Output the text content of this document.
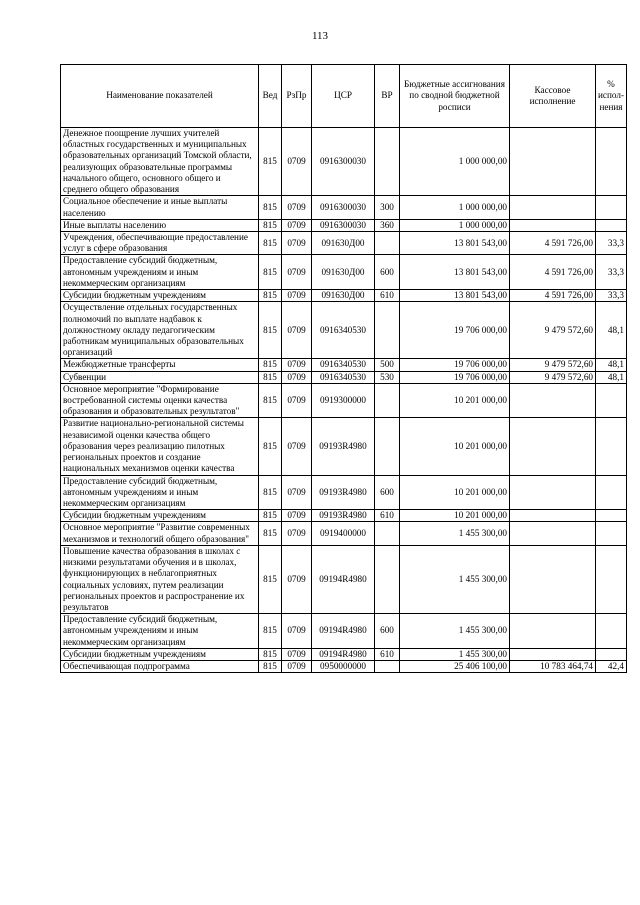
113
Наименование показателей	Вед	РзПр	ЦСР	ВР	Бюджетные ассигнования по сводной бюджетной росписи	Кассовое исполнение	% испол-нения
Денежное поощрение лучших учителей областных государственных и муниципальных образовательных организаций Томской области, реализующих образовательные программы начального общего, основного общего и среднего общего образования	815	0709	0916300030		1 000 000,00		
Социальное обеспечение и иные выплаты населению	815	0709	0916300030	300	1 000 000,00		
Иные выплаты населению	815	0709	0916300030	360	1 000 000,00		
Учреждения, обеспечивающие предоставление услуг в сфере образования	815	0709	091630Д00		13 801 543,00	4 591 726,00	33,3
Предоставление субсидий бюджетным, автономным учреждениям и иным некоммерческим организациям	815	0709	091630Д00	600	13 801 543,00	4 591 726,00	33,3
Субсидии бюджетным учреждениям	815	0709	091630Д00	610	13 801 543,00	4 591 726,00	33,3
Осуществление отдельных государственных полномочий по выплате надбавок к должностному окладу педагогическим работникам муниципальных образовательных организаций	815	0709	0916340530		19 706 000,00	9 479 572,60	48,1
Межбюджетные трансферты	815	0709	0916340530	500	19 706 000,00	9 479 572,60	48,1
Субвенции	815	0709	0916340530	530	19 706 000,00	9 479 572,60	48,1
Основное мероприятие "Формирование востребованной системы оценки качества образования и образовательных результатов"	815	0709	0919300000		10 201 000,00		
Развитие национально-региональной системы независимой оценки качества общего образования через реализацию пилотных региональных проектов и создание национальных механизмов оценки качества	815	0709	09193R4980		10 201 000,00		
Предоставление субсидий бюджетным, автономным учреждениям и иным некоммерческим организациям	815	0709	09193R4980	600	10 201 000,00		
Субсидии бюджетным учреждениям	815	0709	09193R4980	610	10 201 000,00		
Основное мероприятие "Развитие современных механизмов и технологий общего образования"	815	0709	0919400000		1 455 300,00		
Повышение качества образования в школах с низкими результатами обучения и в школах, функционирующих в неблагоприятных социальных условиях, путем реализации региональных проектов и распространение их результатов	815	0709	09194R4980		1 455 300,00		
Предоставление субсидий бюджетным, автономным учреждениям и иным некоммерческим организациям	815	0709	09194R4980	600	1 455 300,00		
Субсидии бюджетным учреждениям	815	0709	09194R4980	610	1 455 300,00		
Обеспечивающая подпрограмма	815	0709	0950000000		25 406 100,00	10 783 464,74	42,4
